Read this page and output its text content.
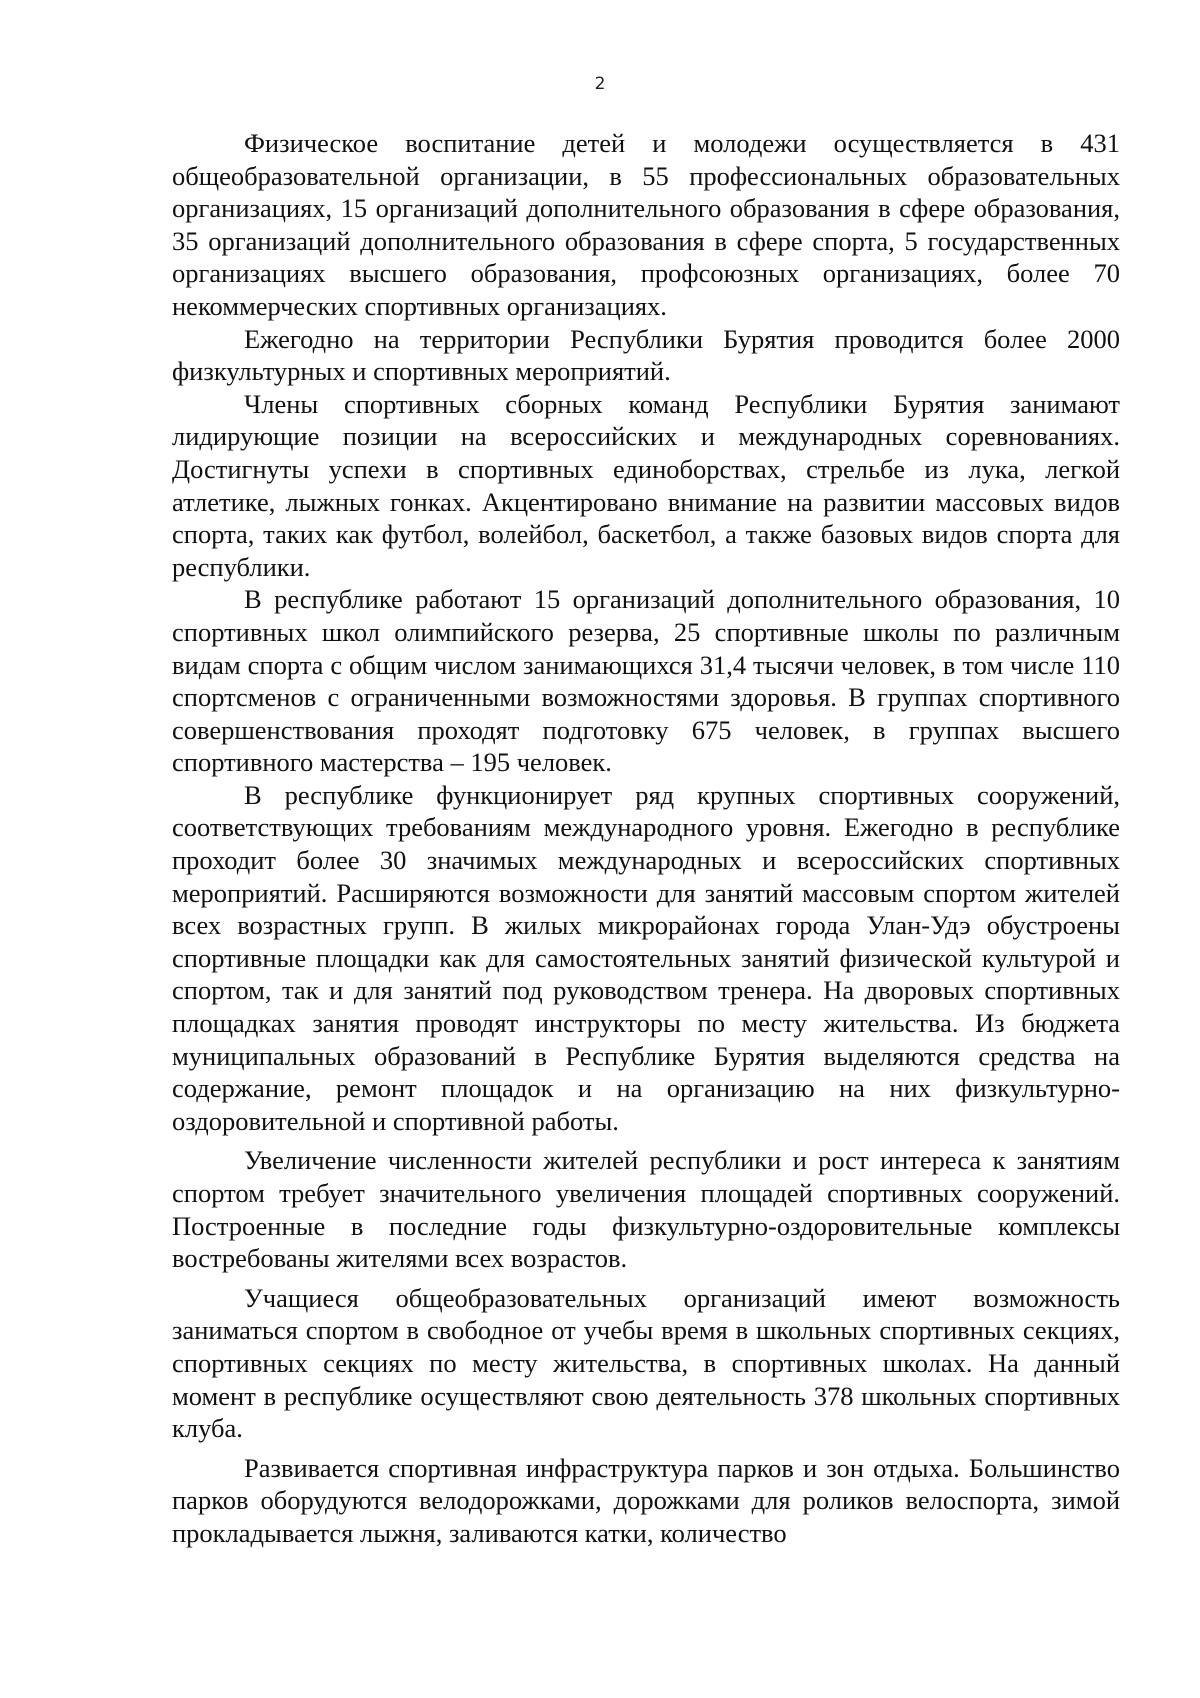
2

Физическое воспитание детей и молодежи осуществляется в 431 общеобразовательной организации, в 55 профессиональных образовательных организациях, 15 организаций дополнительного образования в сфере образования, 35 организаций дополнительного образования в сфере спорта, 5 государственных организациях высшего образования, профсоюзных организациях, более 70 некоммерческих спортивных организациях.

Ежегодно на территории Республики Бурятия проводится более 2000 физкультурных и спортивных мероприятий.

Члены спортивных сборных команд Республики Бурятия занимают лидирующие позиции на всероссийских и международных соревнованиях. Достигнуты успехи в спортивных единоборствах, стрельбе из лука, легкой атлетике, лыжных гонках. Акцентировано внимание на развитии массовых видов спорта, таких как футбол, волейбол, баскетбол, а также базовых видов спорта для республики.

В республике работают 15 организаций дополнительного образования, 10 спортивных школ олимпийского резерва, 25 спортивные школы по различным видам спорта с общим числом занимающихся 31,4 тысячи человек, в том числе 110 спортсменов с ограниченными возможностями здоровья. В группах спортивного совершенствования проходят подготовку 675 человек, в группах высшего спортивного мастерства – 195 человек.

В республике функционирует ряд крупных спортивных сооружений, соответствующих требованиям международного уровня. Ежегодно в республике проходит более 30 значимых международных и всероссийских спортивных мероприятий. Расширяются возможности для занятий массовым спортом жителей всех возрастных групп. В жилых микрорайонах города Улан-Удэ обустроены спортивные площадки как для самостоятельных занятий физической культурой и спортом, так и для занятий под руководством тренера. На дворовых спортивных площадках занятия проводят инструкторы по месту жительства. Из бюджета муниципальных образований в Республике Бурятия выделяются средства на содержание, ремонт площадок и на организацию на них физкультурно-оздоровительной и спортивной работы.

Увеличение численности жителей республики и рост интереса к занятиям спортом требует значительного увеличения площадей спортивных сооружений. Построенные в последние годы физкультурно-оздоровительные комплексы востребованы жителями всех возрастов.

Учащиеся общеобразовательных организаций имеют возможность заниматься спортом в свободное от учебы время в школьных спортивных секциях, спортивных секциях по месту жительства, в спортивных школах. На данный момент в республике осуществляют свою деятельность 378 школьных спортивных клуба.

Развивается спортивная инфраструктура парков и зон отдыха. Большинство парков оборудуются велодорожками, дорожками для роликов велоспорта, зимой прокладывается лыжня, заливаются катки, количество
